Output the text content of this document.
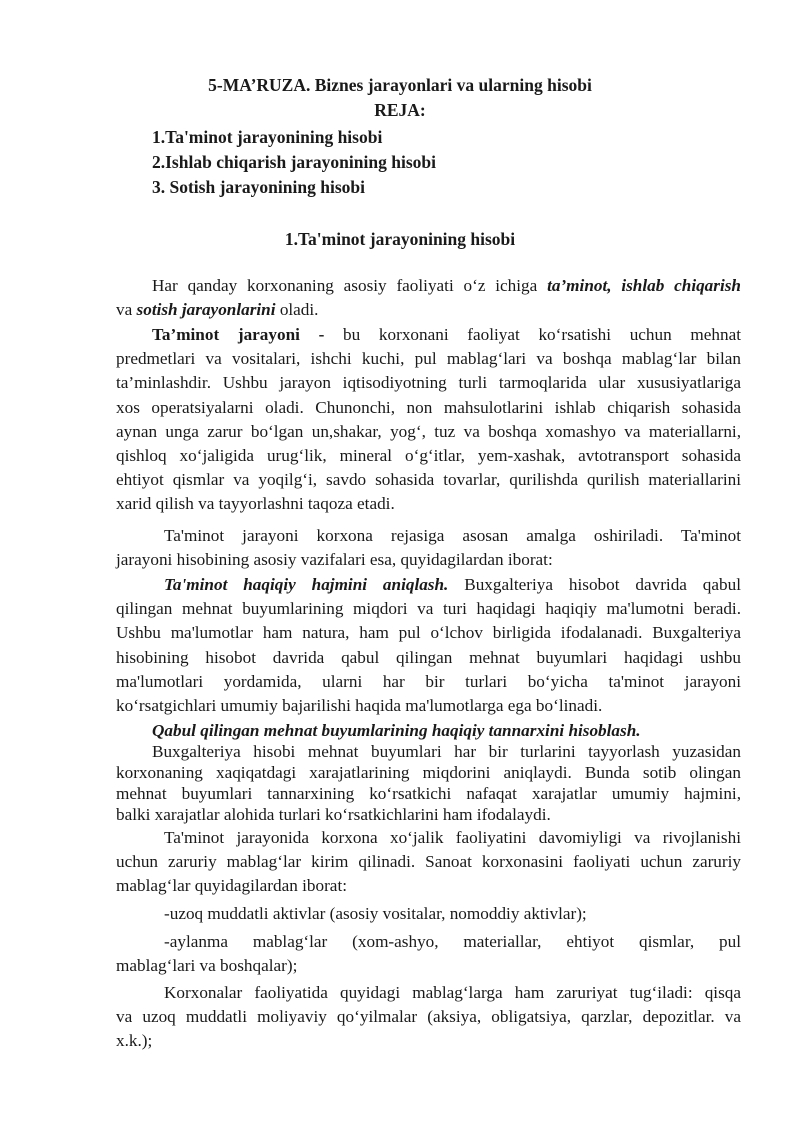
5-MA’RUZA. Biznes jarayonlari va ularning hisobi
REJA:
1.Ta'minot jarayonining hisobi
2.Ishlab chiqarish jarayonining hisobi
3. Sotish jarayonining hisobi
1.Ta'minot jarayonining hisobi
Har qanday korxonaning asosiy faoliyati o‘z ichiga ta’minot, ishlab chiqarish
va sotish jarayonlarini oladi.
Ta’minot jarayoni - bu korxonani faoliyat ko‘rsatishi uchun mehnat
predmetlari va vositalari, ishchi kuchi, pul mablag‘lari va boshqa mablag‘lar bilan
ta’minlashdir. Ushbu jarayon iqtisodiyotning turli tarmoqlarida ular xususiyatlariga
xos operatsiyalarni oladi. Chunonchi, non mahsulotlarini ishlab chiqarish sohasida
aynan unga zarur bo‘lgan un,shakar, yog‘, tuz va boshqa xomashyo va materiallarni,
qishloq xo‘jaligida urug‘lik, mineral o‘g‘itlar, yem-xashak, avtotransport sohasida
ehtiyot qismlar va yoqilg‘i, savdo sohasida tovarlar, qurilishda qurilish materiallarini
xarid qilish va tayyorlashni taqoza etadi.
Ta'minot jarayoni korxona rejasiga asosan amalga oshiriladi. Ta'minot
jarayoni hisobining asosiy vazifalari esa, quyidagilardan iborat:
Ta'minot haqiqiy hajmini aniqlash. Buxgalteriya hisobot davrida qabul
qilingan mehnat buyumlarining miqdori va turi haqidagi haqiqiy ma'lumotni beradi.
Ushbu ma'lumotlar ham natura, ham pul o‘lchov birligida ifodalanadi. Buxgalteriya
hisobining hisobot davrida qabul qilingan mehnat buyumlari haqidagi ushbu
ma'lumotlari yordamida, ularni har bir turlari bo‘yicha ta'minot jarayoni
ko‘rsatgichlari umumiy bajarilishi haqida ma'lumotlarga ega bo‘linadi.
Qabul qilingan mehnat buyumlarining haqiqiy tannarxini hisoblash.
Buxgalteriya hisobi mehnat buyumlari har bir turlarini tayyorlash yuzasidan
korxonaning xaqiqatdagi xarajatlarining miqdorini aniqlaydi. Bunda sotib olingan
mehnat buyumlari tannarxining ko‘rsatkichi nafaqat xarajatlar umumiy hajmini,
balki xarajatlar alohida turlari ko‘rsatkichlarini ham ifodalaydi.
Ta'minot jarayonida korxona xo‘jalik faoliyatini davomiyligi va rivojlanishi
uchun zaruriy mablag‘lar kirim qilinadi. Sanoat korxonasini faoliyati uchun zaruriy
mablag‘lar quyidagilardan iborat:
-uzoq muddatli aktivlar (asosiy vositalar, nomoddiy aktivlar);
-aylanma mablag‘lar (xom-ashyo, materiallar, ehtiyot qismlar, pul
mablag‘lari va boshqalar);
Korxonalar faoliyatida quyidagi mablag‘larga ham zaruriyat tug‘iladi: qisqa
va uzoq muddatli moliyaviy qo‘yilmalar (aksiya, obligatsiya, qarzlar, depozitlar. va
x.k.);
